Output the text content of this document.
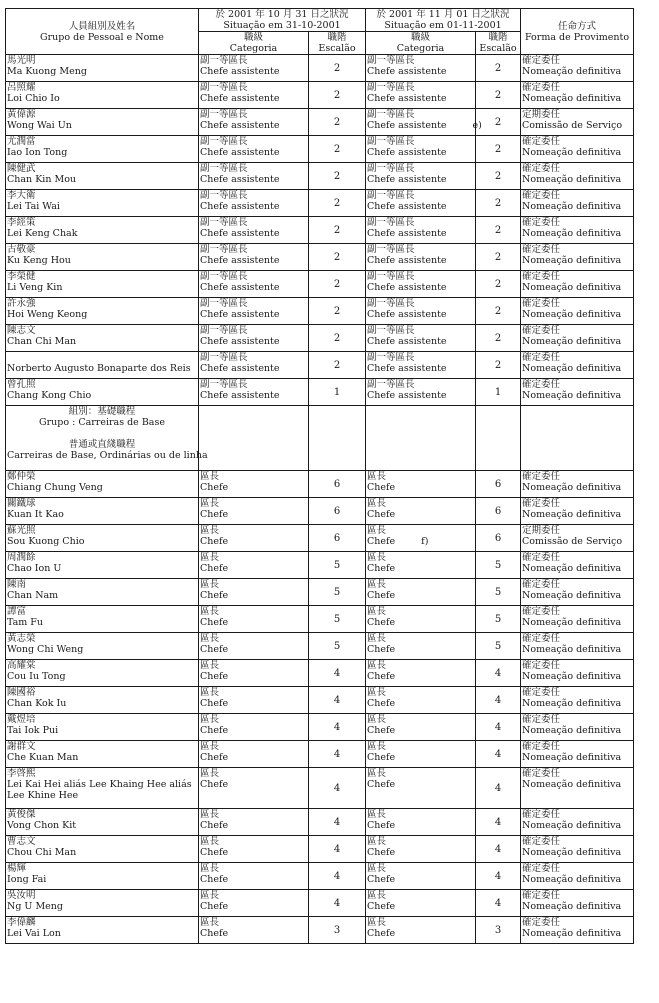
人員組別及姓名
Grupo de Pessoal e Nome	於 2001 年 10 月 31 日之狀況
Situação em 31-10-2001		於 2001 年 11 月 01 日之狀況
Situação em 01-11-2001		任命方式
Forma de Provimento

	職級
Categoria	職階
Escalão	職級
Categoria	職階
Escalão	

馬光明
Ma Kuong Meng	副一等區長
Chefe assistente	2	副一等區長
Chefe assistente	2	確定委任
Nomeação definitiva

呂照耀
Loi Chio Io	副一等區長
Chefe assistente	2	副一等區長
Chefe assistente	2	確定委任
Nomeação definitiva

黃偉源
Wong Wai Un	副一等區長
Chefe assistente	2	副一等區長
Chefe assistente e)	2	定期委任
Comissão de Serviço

尤潤當
Iao Ion Tong	副一等區長
Chefe assistente	2	副一等區長
Chefe assistente	2	確定委任
Nomeação definitiva

陳健武
Chan Kin Mou	副一等區長
Chefe assistente	2	副一等區長
Chefe assistente	2	確定委任
Nomeação definitiva

李大衛
Lei Tai Wai	副一等區長
Chefe assistente	2	副一等區長
Chefe assistente	2	確定委任
Nomeação definitiva

李經策
Lei Keng Chak	副一等區長
Chefe assistente	2	副一等區長
Chefe assistente	2	確定委任
Nomeação definitiva

古敬豪
Ku Keng Hou	副一等區長
Chefe assistente	2	副一等區長
Chefe assistente	2	確定委任
Nomeação definitiva

李榮健
Li Veng Kin	副一等區長
Chefe assistente	2	副一等區長
Chefe assistente	2	確定委任
Nomeação definitiva

許永強
Hoi Weng Keong	副一等區長
Chefe assistente	2	副一等區長
Chefe assistente	2	確定委任
Nomeação definitiva

陳志文
Chan Chi Man	副一等區長
Chefe assistente	2	副一等區長
Chefe assistente	2	確定委任
Nomeação definitiva

Norberto Augusto Bonaparte dos Reis	副一等區長
Chefe assistente	2	副一等區長
Chefe assistente	2	確定委任
Nomeação definitiva

曾孔照
Chang Kong Chio	副一等區長
Chefe assistente	1	副一等區長
Chefe assistente	1	確定委任
Nomeação definitiva

組別：基礎職程
Grupo : Carreiras de Base

普通或直綫職程
Carreiras de Base, Ordinárias ou de linha					

鄭仲榮
Chiang Chung Veng	區長
Chefe	6	區長
Chefe	6	確定委任
Nomeação definitiva

關鐵球
Kuan It Kao	區長
Chefe	6	區長
Chefe	6	確定委任
Nomeação definitiva

蘇光照
Sou Kuong Chio	區長
Chefe	6	區長
Chefe f)	6	定期委任
Comissão de Serviço

周潤餘
Chao Ion U	區長
Chefe	5	區長
Chefe	5	確定委任
Nomeação definitiva

陳南
Chan Nam	區長
Chefe	5	區長
Chefe	5	確定委任
Nomeação definitiva

譚富
Tam Fu	區長
Chefe	5	區長
Chefe	5	確定委任
Nomeação definitiva

黃志榮
Wong Chi Weng	區長
Chefe	5	區長
Chefe	5	確定委任
Nomeação definitiva

高耀棠
Cou Iu Tong	區長
Chefe	4	區長
Chefe	4	確定委任
Nomeação definitiva

陳國裕
Chan Kok Iu	區長
Chefe	4	區長
Chefe	4	確定委任
Nomeação definitiva

戴煜培
Tai Iok Pui	區長
Chefe	4	區長
Chefe	4	確定委任
Nomeação definitiva

謝群文
Che Kuan Man	區長
Chefe	4	區長
Chefe	4	確定委任
Nomeação definitiva

李啓熙
Lei Kai Hei aliás Lee Khaing Hee aliás
Lee Khine Hee	區長
Chefe	4	區長
Chefe	4	確定委任
Nomeação definitiva

黃俊傑
Vong Chon Kit	區長
Chefe	4	區長
Chefe	4	確定委任
Nomeação definitiva

曹志文
Chou Chi Man	區長
Chefe	4	區長
Chefe	4	確定委任
Nomeação definitiva

楊輝
Iong Fai	區長
Chefe	4	區長
Chefe	4	確定委任
Nomeação definitiva

吳汝明
Ng U Meng	區長
Chefe	4	區長
Chefe	4	確定委任
Nomeação definitiva

李偉麟
Lei Vai Lon	區長
Chefe	3	區長
Chefe	3	確定委任
Nomeação definitiva
